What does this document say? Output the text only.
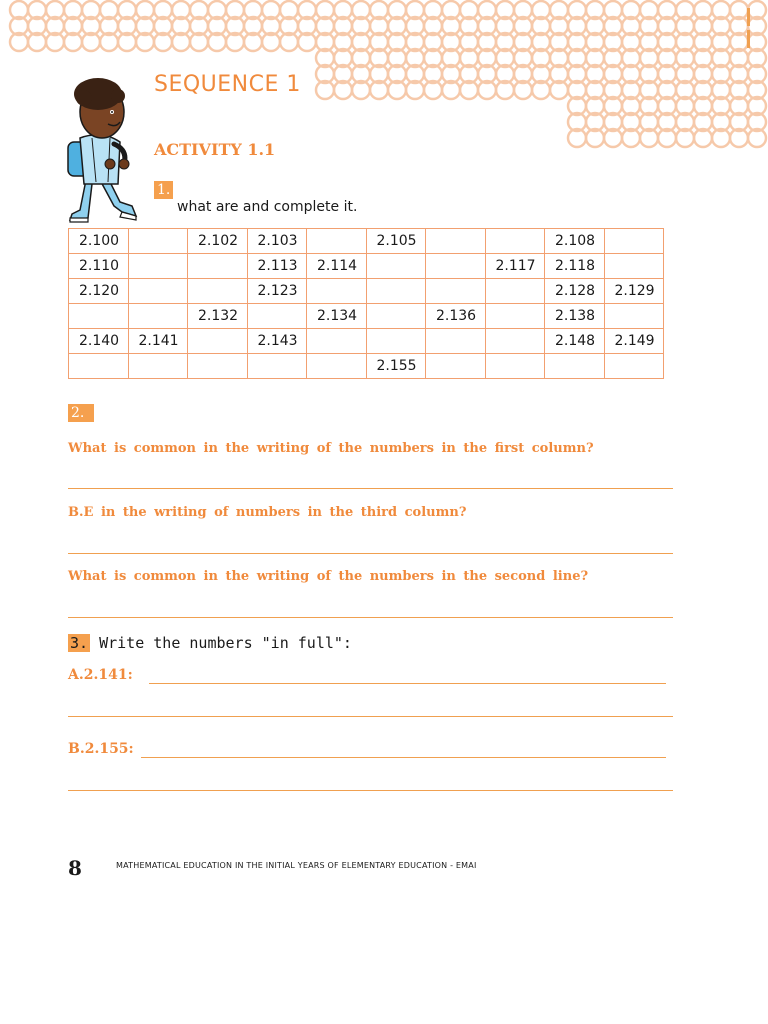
SEQUENCE 1
ACTIVITY 1.1
1.
what are and complete it.
2.100		2.102	2.103		2.105			2.108	
2.110			2.113	2.114			2.117	2.118	
2.120			2.123					2.128	2.129
		2.132		2.134		2.136		2.138	
2.140	2.141		2.143					2.148	2.149
					2.155				
2.
What is common in the writing of the numbers in the first column?
B.E in the writing of numbers in the third column?
What is common in the writing of the numbers in the second line?
3. Write the numbers "in full":
A.2.141:
B.2.155:
8	MATHEMATICAL EDUCATION IN THE INITIAL YEARS OF ELEMENTARY EDUCATION - EMAI
